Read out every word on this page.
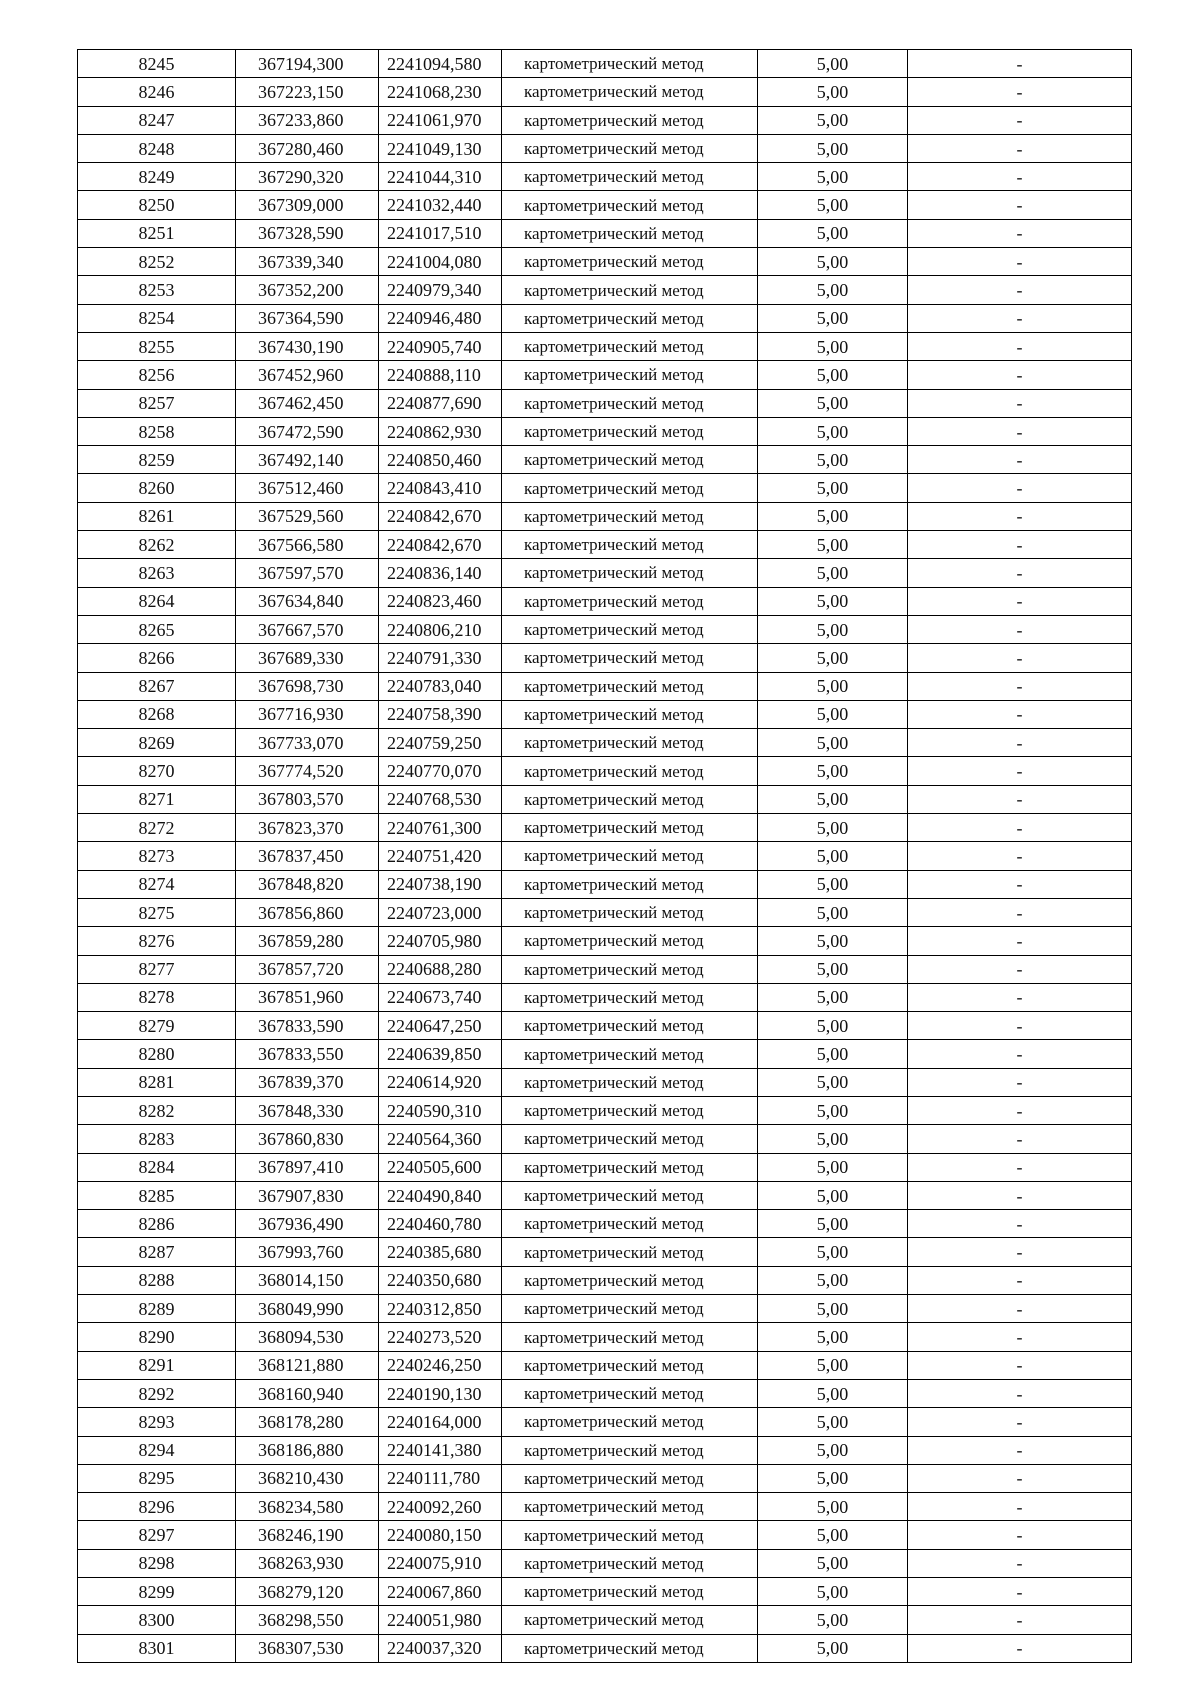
8245	367194,300	2241094,580	картометрический метод	5,00	-
8246	367223,150	2241068,230	картометрический метод	5,00	-
8247	367233,860	2241061,970	картометрический метод	5,00	-
8248	367280,460	2241049,130	картометрический метод	5,00	-
8249	367290,320	2241044,310	картометрический метод	5,00	-
8250	367309,000	2241032,440	картометрический метод	5,00	-
8251	367328,590	2241017,510	картометрический метод	5,00	-
8252	367339,340	2241004,080	картометрический метод	5,00	-
8253	367352,200	2240979,340	картометрический метод	5,00	-
8254	367364,590	2240946,480	картометрический метод	5,00	-
8255	367430,190	2240905,740	картометрический метод	5,00	-
8256	367452,960	2240888,110	картометрический метод	5,00	-
8257	367462,450	2240877,690	картометрический метод	5,00	-
8258	367472,590	2240862,930	картометрический метод	5,00	-
8259	367492,140	2240850,460	картометрический метод	5,00	-
8260	367512,460	2240843,410	картометрический метод	5,00	-
8261	367529,560	2240842,670	картометрический метод	5,00	-
8262	367566,580	2240842,670	картометрический метод	5,00	-
8263	367597,570	2240836,140	картометрический метод	5,00	-
8264	367634,840	2240823,460	картометрический метод	5,00	-
8265	367667,570	2240806,210	картометрический метод	5,00	-
8266	367689,330	2240791,330	картометрический метод	5,00	-
8267	367698,730	2240783,040	картометрический метод	5,00	-
8268	367716,930	2240758,390	картометрический метод	5,00	-
8269	367733,070	2240759,250	картометрический метод	5,00	-
8270	367774,520	2240770,070	картометрический метод	5,00	-
8271	367803,570	2240768,530	картометрический метод	5,00	-
8272	367823,370	2240761,300	картометрический метод	5,00	-
8273	367837,450	2240751,420	картометрический метод	5,00	-
8274	367848,820	2240738,190	картометрический метод	5,00	-
8275	367856,860	2240723,000	картометрический метод	5,00	-
8276	367859,280	2240705,980	картометрический метод	5,00	-
8277	367857,720	2240688,280	картометрический метод	5,00	-
8278	367851,960	2240673,740	картометрический метод	5,00	-
8279	367833,590	2240647,250	картометрический метод	5,00	-
8280	367833,550	2240639,850	картометрический метод	5,00	-
8281	367839,370	2240614,920	картометрический метод	5,00	-
8282	367848,330	2240590,310	картометрический метод	5,00	-
8283	367860,830	2240564,360	картометрический метод	5,00	-
8284	367897,410	2240505,600	картометрический метод	5,00	-
8285	367907,830	2240490,840	картометрический метод	5,00	-
8286	367936,490	2240460,780	картометрический метод	5,00	-
8287	367993,760	2240385,680	картометрический метод	5,00	-
8288	368014,150	2240350,680	картометрический метод	5,00	-
8289	368049,990	2240312,850	картометрический метод	5,00	-
8290	368094,530	2240273,520	картометрический метод	5,00	-
8291	368121,880	2240246,250	картометрический метод	5,00	-
8292	368160,940	2240190,130	картометрический метод	5,00	-
8293	368178,280	2240164,000	картометрический метод	5,00	-
8294	368186,880	2240141,380	картометрический метод	5,00	-
8295	368210,430	2240111,780	картометрический метод	5,00	-
8296	368234,580	2240092,260	картометрический метод	5,00	-
8297	368246,190	2240080,150	картометрический метод	5,00	-
8298	368263,930	2240075,910	картометрический метод	5,00	-
8299	368279,120	2240067,860	картометрический метод	5,00	-
8300	368298,550	2240051,980	картометрический метод	5,00	-
8301	368307,530	2240037,320	картометрический метод	5,00	-
